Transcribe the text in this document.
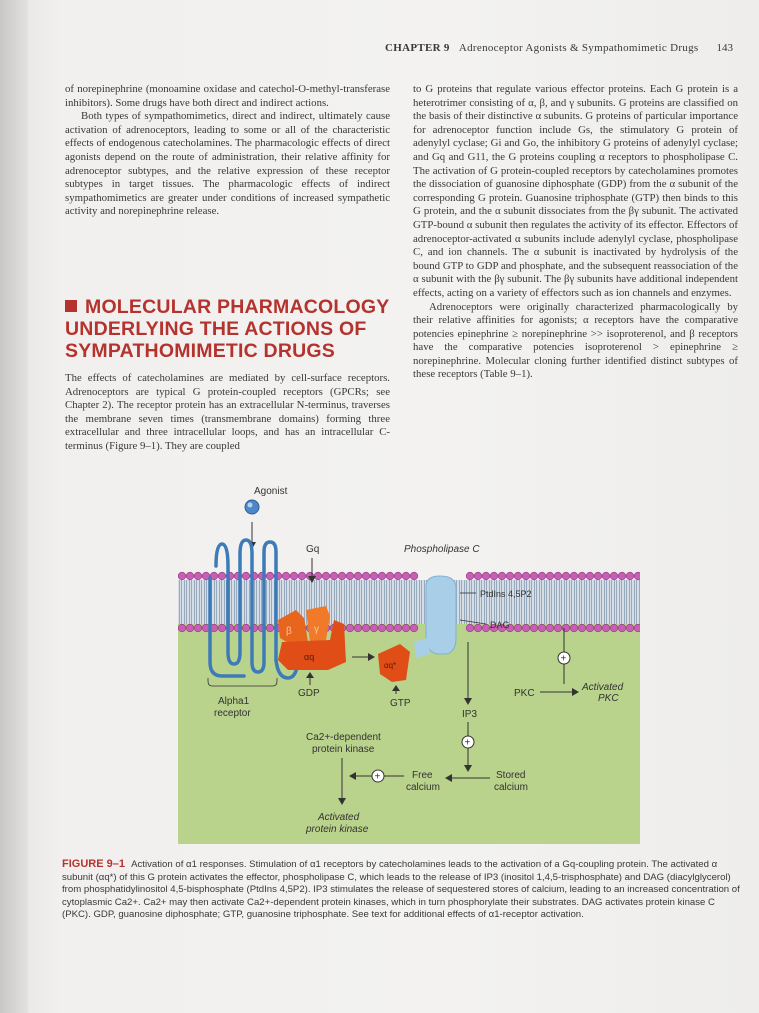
CHAPTER 9 Adrenoceptor Agonists & Sympathomimetic Drugs 143

of norepinephrine (monoamine oxidase and catechol-O-methyl-transferase inhibitors). Some drugs have both direct and indirect actions.

Both types of sympathomimetics, direct and indirect, ultimately cause activation of adrenoceptors, leading to some or all of the characteristic effects of endogenous catecholamines. The pharmacologic effects of direct agonists depend on the route of administration, their relative affinity for adrenoceptor subtypes, and the relative expression of these receptor subtypes in target tissues. The pharmacologic effects of indirect sympathomimetics are greater under conditions of increased sympathetic activity and norepinephrine release.

MOLECULAR PHARMACOLOGY UNDERLYING THE ACTIONS OF SYMPATHOMIMETIC DRUGS

The effects of catecholamines are mediated by cell-surface receptors. Adrenoceptors are typical G protein-coupled receptors (GPCRs; see Chapter 2). The receptor protein has an extracellular N-terminus, traverses the membrane seven times (transmembrane domains) forming three extracellular and three intracellular loops, and has an intracellular C-terminus (Figure 9–1). They are coupled

to G proteins that regulate various effector proteins. Each G protein is a heterotrimer consisting of α, β, and γ subunits. G proteins are classified on the basis of their distinctive α subunits. G proteins of particular importance for adrenoceptor function include Gs, the stimulatory G protein of adenylyl cyclase; Gi and Go, the inhibitory G proteins of adenylyl cyclase; and Gq and G11, the G proteins coupling α receptors to phospholipase C. The activation of G protein-coupled receptors by catecholamines promotes the dissociation of guanosine diphosphate (GDP) from the α subunit of the corresponding G protein. Guanosine triphosphate (GTP) then binds to this G protein, and the α subunit dissociates from the βγ subunit. The activated GTP-bound α subunit then regulates the activity of its effector. Effectors of adrenoceptor-activated α subunits include adenylyl cyclase, phospholipase C, and ion channels. The α subunit is inactivated by hydrolysis of the bound GTP to GDP and phosphate, and the subsequent reassociation of the α subunit with the βγ subunit. The βγ subunits have additional independent effects, acting on a variety of effectors such as ion channels and enzymes.

Adrenoceptors were originally characterized pharmacologically by their relative affinities for agonists; α receptors have the comparative potencies epinephrine ≥ norepinephrine >> isoproterenol, and β receptors have the comparative potencies isoproterenol > epinephrine ≥ norepinephrine. Molecular cloning further identified distinct subtypes of these receptors (Table 9–1).

Agonist
Gq
β γ
αq
αq*
Phospholipase C
PtdIns 4,5P2
DAG
GDP
GTP
Alpha1
receptor	IP3
+
Stored
calcium
Free
calcium
+
Ca2+-dependent
protein kinase
Activated
protein kinase
+
PKC
Activated
PKC
FIGURE 9–1 Activation of α1 responses. Stimulation of α1 receptors by catecholamines leads to the activation of a Gq-coupling protein. The activated α subunit (αq*) of this G protein activates the effector, phospholipase C, which leads to the release of IP3 (inositol 1,4,5-trisphosphate) and DAG (diacylglycerol) from phosphatidylinositol 4,5-bisphosphate (PtdIns 4,5P2). IP3 stimulates the release of sequestered stores of calcium, leading to an increased concentration of cytoplasmic Ca2+. Ca2+ may then activate Ca2+-dependent protein kinases, which in turn phosphorylate their substrates. DAG activates protein kinase C (PKC). GDP, guanosine diphosphate; GTP, guanosine triphosphate. See text for additional effects of α1-receptor activation.
